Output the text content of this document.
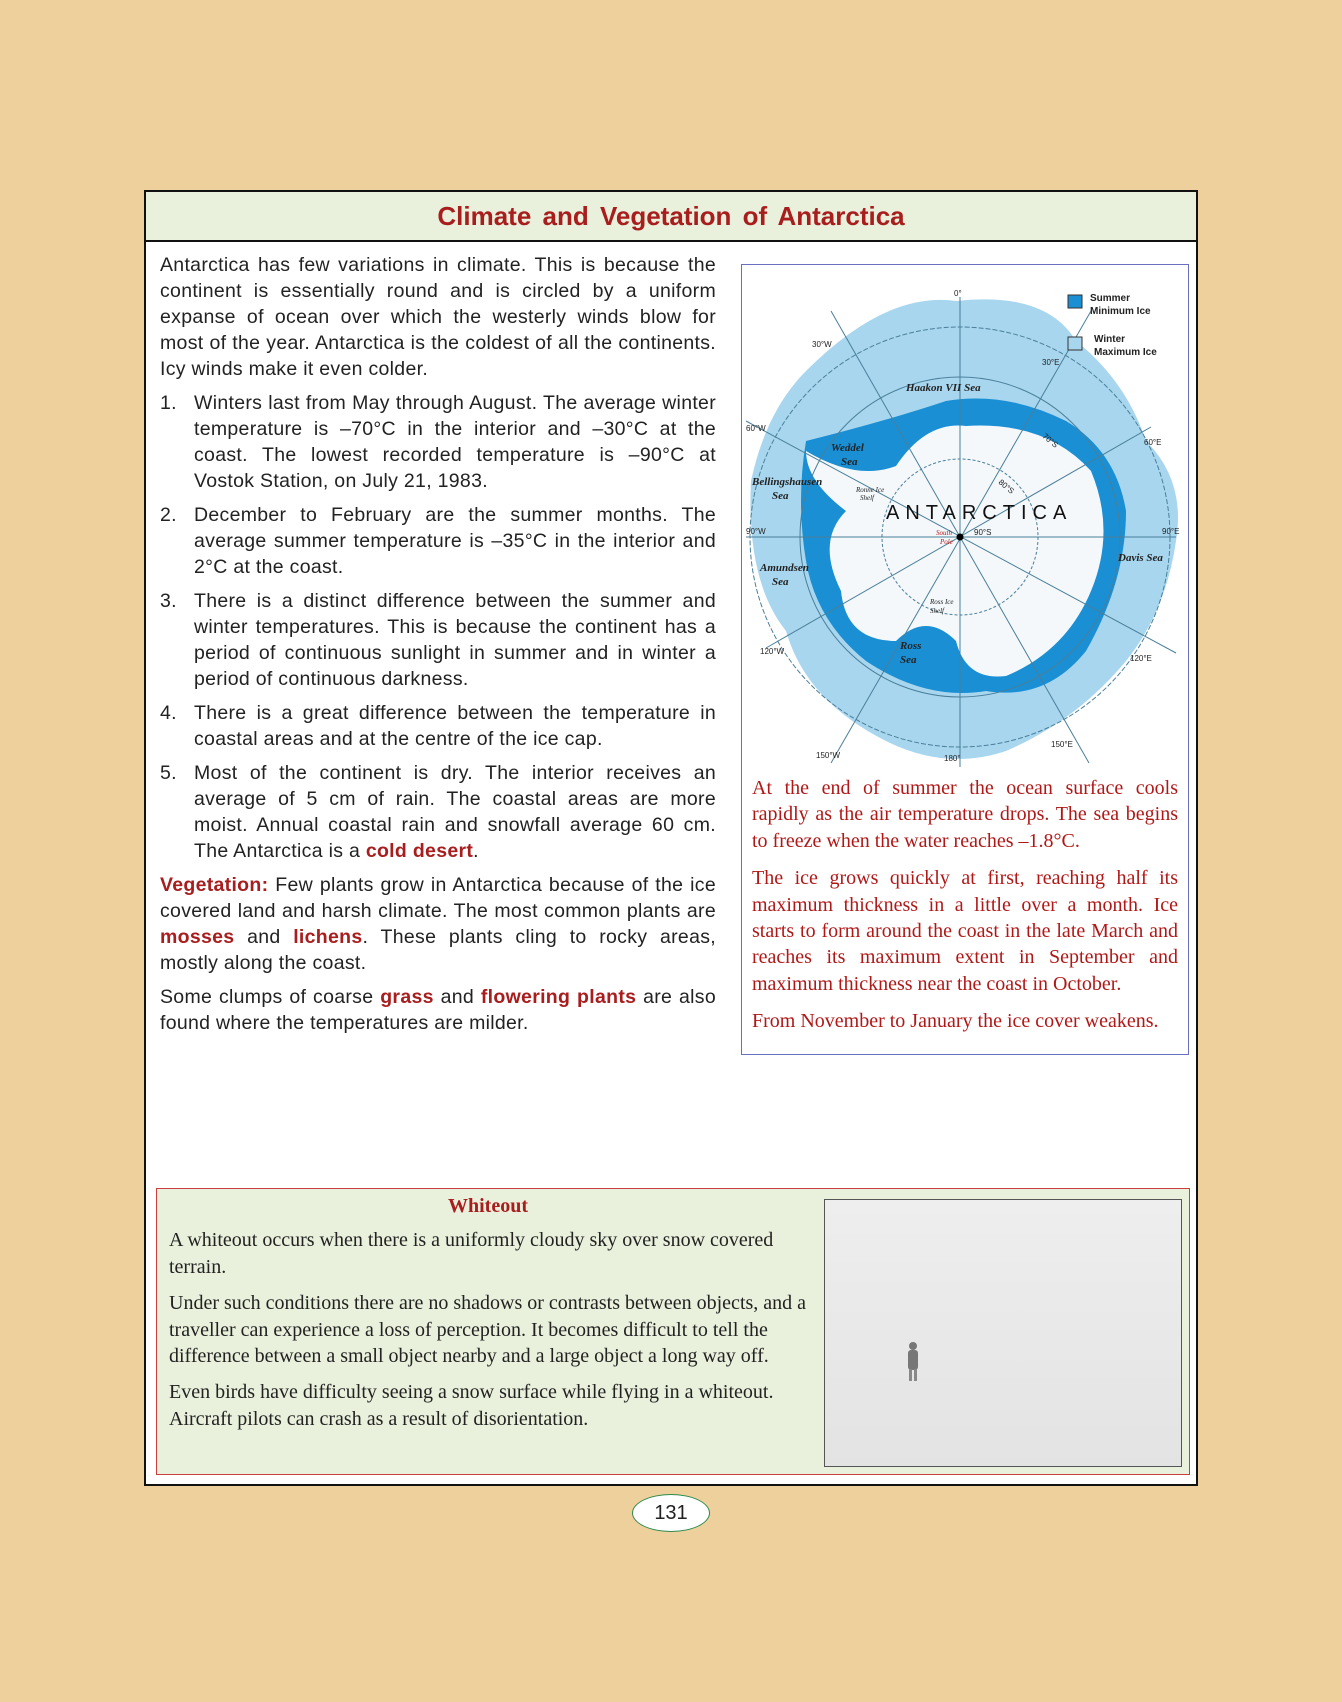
Climate and Vegetation of Antarctica

Antarctica has few variations in climate. This is because the continent is essentially round and is circled by a uniform expanse of ocean over which the westerly winds blow for most of the year. Antarctica is the coldest of all the continents. Icy winds make it even colder.

1. Winters last from May through August. The average winter temperature is –70°C in the interior and –30°C at the coast. The lowest recorded temperature is –90°C at Vostok Station, on July 21, 1983.
2. December to February are the summer months. The average summer temperature is –35°C in the interior and 2°C at the coast.
3. There is a distinct difference between the summer and winter temperatures. This is because the continent has a period of continuous sunlight in summer and in winter a period of continuous darkness.
4. There is a great difference between the temperature in coastal areas and at the centre of the ice cap.
5. Most of the continent is dry. The interior receives an average of 5 cm of rain. The coastal areas are more moist. Annual coastal rain and snowfall average 60 cm. The Antarctica is a cold desert.

Vegetation: Few plants grow in Antarctica because of the ice covered land and harsh climate. The most common plants are mosses and lichens. These plants cling to rocky areas, mostly along the coast.

Some clumps of coarse grass and flowering plants are also found where the temperatures are milder.

Summer
Minimum Ice
Winter
Maximum Ice
0°
30°W
30°E
60°W
60°E
90°W	90°E
120°W
120°E
150°W
150°E
180°
90°S
80°S
70°S
ANTARCTICA
Haakon VII Sea
Weddel
Sea
Bellingshausen
Sea
Amundsen
Sea
Ross
Sea
Davis Sea
Ronne Ice
Shelf
Ross Ice
Shelf
South
Pole

At the end of summer the ocean surface cools rapidly as the air temperature drops. The sea begins to freeze when the water reaches –1.8°C.

The ice grows quickly at first, reaching half its maximum thickness in a little over a month. Ice starts to form around the coast in the late March and reaches its maximum extent in September and maximum thickness near the coast in October.

From November to January the ice cover weakens.

Whiteout

A whiteout occurs when there is a uniformly cloudy sky over snow covered terrain.

Under such conditions there are no shadows or contrasts between objects, and a traveller can experience a loss of perception. It becomes difficult to tell the difference between a small object nearby and a large object a long way off.

Even birds have difficulty seeing a snow surface while flying in a whiteout. Aircraft pilots can crash as a result of disorientation.

131
